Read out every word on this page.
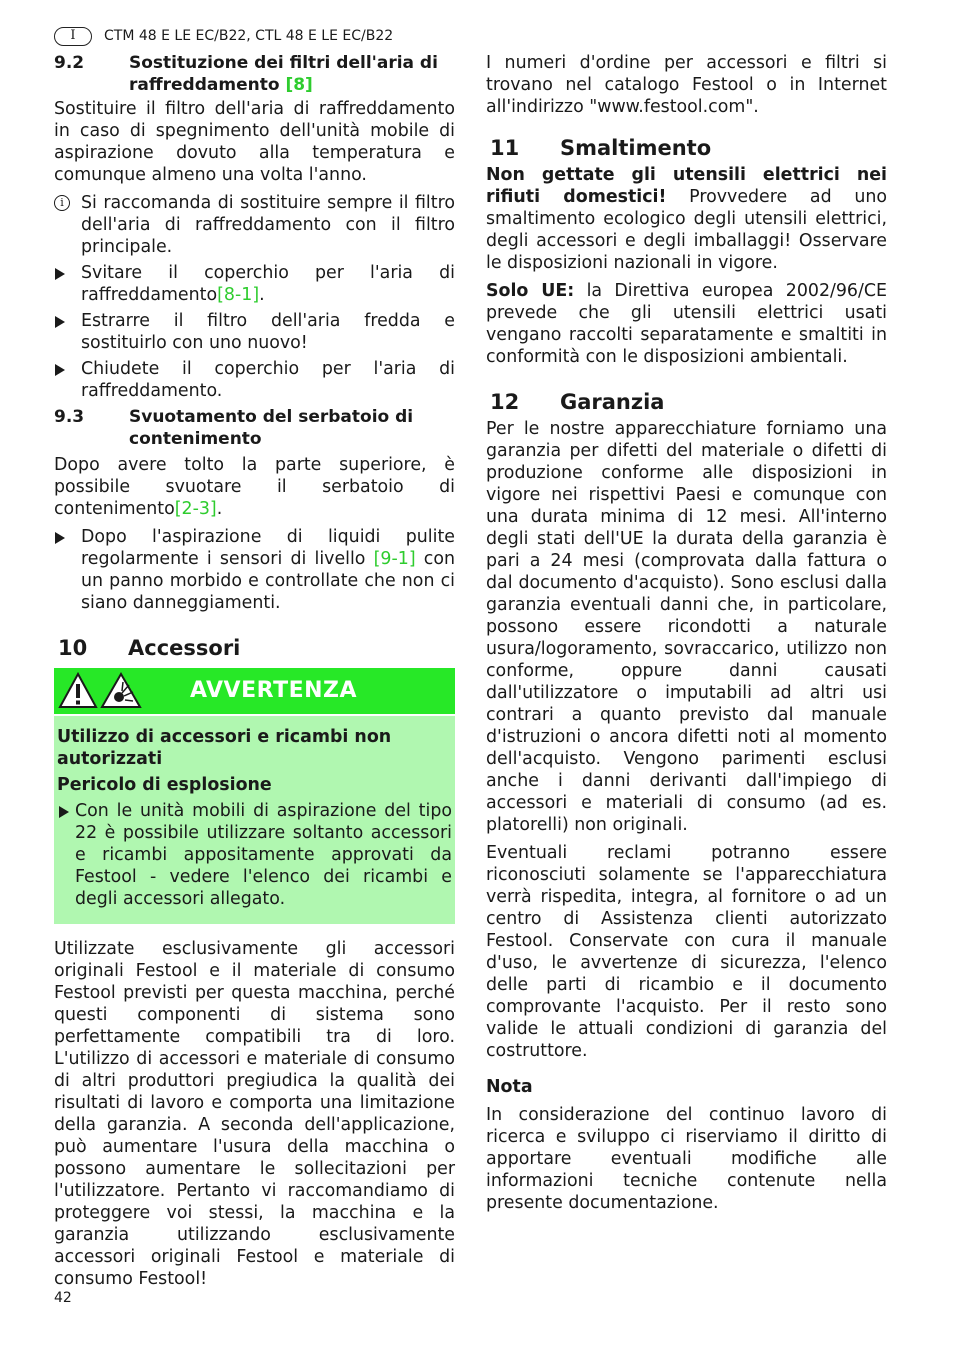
I	CTM 48 E LE EC/B22, CTL 48 E LE EC/B22
9.2	Sostituzione dei filtri dell'aria di raffreddamento [8]

Sostituire il filtro dell'aria di raffreddamento in caso di spegnimento dell'unità mobile di aspirazione dovuto alla temperatura e comunque almeno una volta l'anno.

i Si raccomanda di sostituire sempre il filtro dell'aria di raffreddamento con il filtro principale.
Svitare il coperchio per l'aria di raffreddamento[8-1].
Estrarre il filtro dell'aria fredda e sostituirlo con uno nuovo!
Chiudete il coperchio per l'aria di raffreddamento.
9.3	Svuotamento del serbatoio di contenimento

Dopo avere tolto la parte superiore, è possibile svuotare il serbatoio di contenimento[2-3].

Dopo l'aspirazione di liquidi pulite regolarmente i sensori di livello [9-1] con un panno morbido e controllate che non ci siano danneggiamenti.
10	Accessori
AVVERTENZA

Utilizzo di accessori e ricambi non autorizzati

Pericolo di esplosione

Con le unità mobili di aspirazione del tipo 22 è possibile utilizzare soltanto accessori e ricambi appositamente approvati da Festool - vedere l'elenco dei ricambi e degli accessori allegato.

Utilizzate esclusivamente gli accessori originali Festool e il materiale di consumo Festool previsti per questa macchina, perché questi componenti di sistema sono perfettamente compatibili tra di loro. L'utilizzo di accessori e materiale di consumo di altri produttori pregiudica la qualità dei risultati di lavoro e comporta una limitazione della garanzia. A seconda dell'applicazione, può aumentare l'usura della macchina o possono aumentare le sollecitazioni per l'utilizzatore. Pertanto vi raccomandiamo di proteggere voi stessi, la macchina e la garanzia utilizzando esclusivamente accessori originali Festool e materiale di consumo Festool!

I numeri d'ordine per accessori e filtri si trovano nel catalogo Festool o in Internet all'indirizzo "www.festool.com".

11	Smaltimento

Non gettate gli utensili elettrici nei rifiuti domestici! Provvedere ad uno smaltimento ecologico degli utensili elettrici, degli accessori e degli imballaggi! Osservare le disposizioni nazionali in vigore.

Solo UE: la Direttiva europea 2002/96/CE prevede che gli utensili elettrici usati vengano raccolti separatamente e smaltiti in conformità con le disposizioni ambientali.

12	Garanzia

Per le nostre apparecchiature forniamo una garanzia per difetti del materiale o difetti di produzione conforme alle disposizioni in vigore nei rispettivi Paesi e comunque con una durata minima di 12 mesi. All'interno degli stati dell'UE la durata della garanzia è pari a 24 mesi (comprovata dalla fattura o dal documento d'acquisto). Sono esclusi dalla garanzia eventuali danni che, in particolare, possono essere ricondotti a naturale usura/logoramento, sovraccarico, utilizzo non conforme, oppure danni causati dall'utilizzatore o imputabili ad altri usi contrari a quanto previsto dal manuale d'istruzioni o ancora difetti noti al momento dell'acquisto. Vengono parimenti esclusi anche i danni derivanti dall'impiego di accessori e materiali di consumo (ad es. platorelli) non originali.

Eventuali reclami potranno essere riconosciuti solamente se l'apparecchiatura verrà rispedita, integra, al fornitore o ad un centro di Assistenza clienti autorizzato Festool. Conservate con cura il manuale d'uso, le avvertenze di sicurezza, l'elenco delle parti di ricambio e il documento comprovante l'acquisto. Per il resto sono valide le attuali condizioni di garanzia del costruttore.

Nota

In considerazione del continuo lavoro di ricerca e sviluppo ci riserviamo il diritto di apportare eventuali modifiche alle informazioni tecniche contenute nella presente documentazione.

42
